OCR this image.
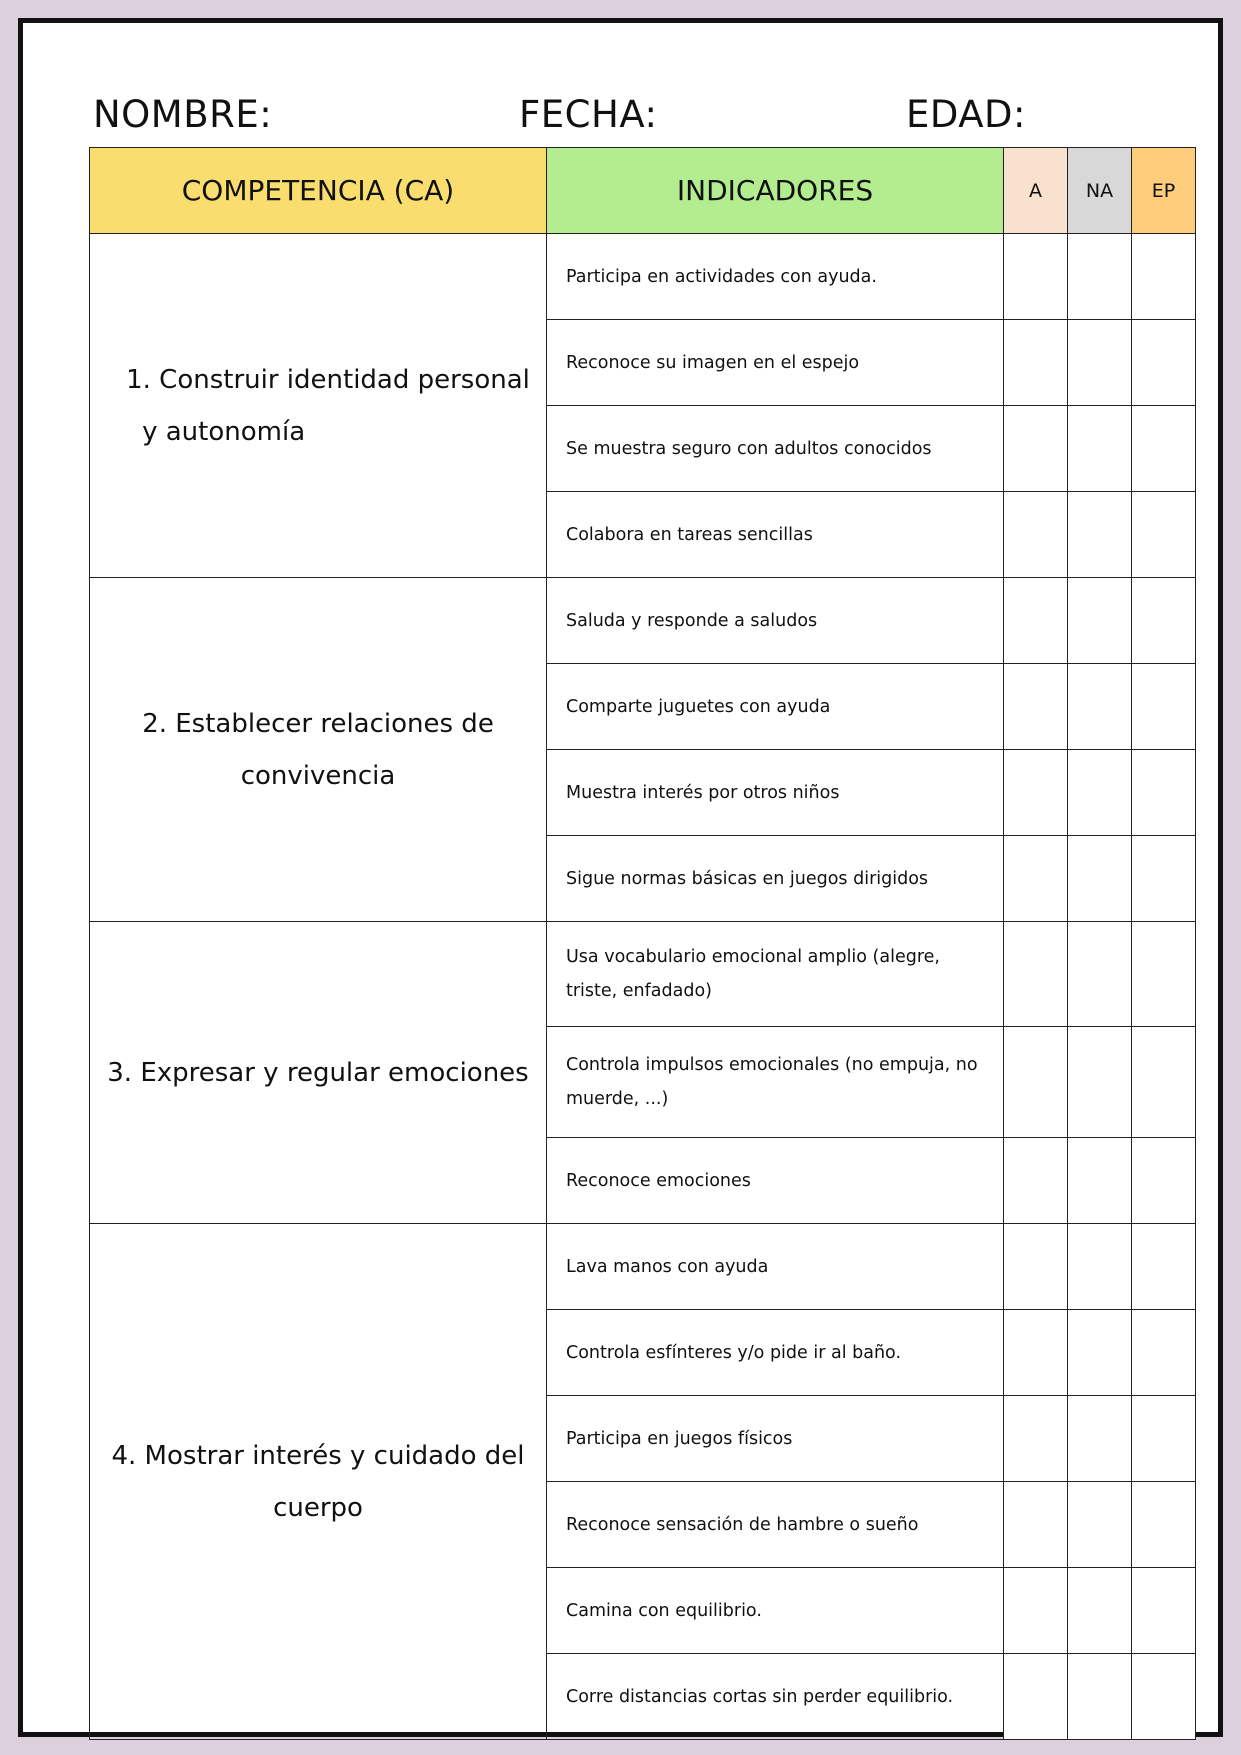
NOMBRE:	FECHA:	EDAD:
COMPETENCIA (CA)	INDICADORES	A	NA	EP
1. Construir identidad personal
y autonomía	Participa en actividades con ayuda.			
	Reconoce su imagen en el espejo			
	Se muestra seguro con adultos conocidos			
	Colabora en tareas sencillas			
2. Establecer relaciones de
convivencia	Saluda y responde a saludos			
	Comparte juguetes con ayuda			
	Muestra interés por otros niños			
	Sigue normas básicas en juegos dirigidos			
3. Expresar y regular emociones	Usa vocabulario emocional amplio (alegre, triste, enfadado)			
	Controla impulsos emocionales (no empuja, no muerde, ...)			
	Reconoce emociones			
4. Mostrar interés y cuidado del
cuerpo	Lava manos con ayuda			
	Controla esfínteres y/o pide ir al baño.			
	Participa en juegos físicos			
	Reconoce sensación de hambre o sueño			
	Camina con equilibrio.			
	Corre distancias cortas sin perder equilibrio.			
